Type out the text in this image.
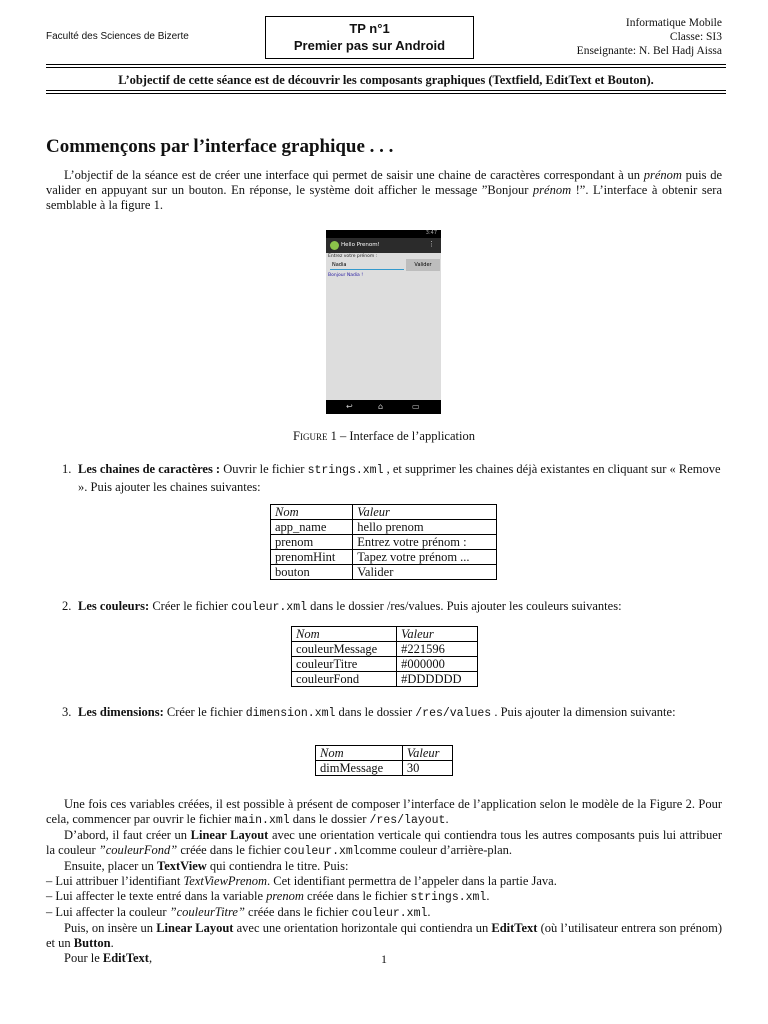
Faculté des Sciences de Bizerte
TP n°1
Premier pas sur Android
Informatique Mobile
Classe: SI3
Enseignante: N. Bel Hadj Aissa
L’objectif de cette séance est de découvrir les composants graphiques (Textfield, EditText et Bouton).
Commençons par l’interface graphique . . .
L’objectif de la séance est de créer une interface qui permet de saisir une chaine de caractères correspondant à un prénom puis de valider en appuyant sur un bouton. En réponse, le système doit afficher le message ”Bonjour prénom !”. L’interface à obtenir sera semblable à la figure 1.
3:47
Hello Prenom!	⋮
Entrez votre prénom :
Nadia	Valider
Bonjour Nadia !
↩	⌂	▭
Figure 1 – Interface de l’application
1. Les chaines de caractères : Ouvrir le fichier strings.xml , et supprimer les chaines déjà existantes en cliquant sur « Remove ». Puis ajouter les chaines suivantes:
Nom	Valeur
app_name	hello prenom
prenom	Entrez votre prénom :
prenomHint	Tapez votre prénom ...
bouton	Valider
2. Les couleurs: Créer le fichier couleur.xml dans le dossier /res/values. Puis ajouter les couleurs suivantes:
Nom	Valeur
couleurMessage	#221596
couleurTitre	#000000
couleurFond	#DDDDDD
3. Les dimensions: Créer le fichier dimension.xml dans le dossier /res/values . Puis ajouter la dimension suivante:
Nom	Valeur
dimMessage	30
Une fois ces variables créées, il est possible à présent de composer l’interface de l’application selon le modèle de la Figure 2. Pour cela, commencer par ouvrir le fichier main.xml dans le dossier /res/layout.
D’abord, il faut créer un Linear Layout avec une orientation verticale qui contiendra tous les autres composants puis lui attribuer la couleur ”couleurFond” créée dans le fichier couleur.xmlcomme couleur d’arrière-plan.
Ensuite, placer un TextView qui contiendra le titre. Puis:
– Lui attribuer l’identifiant TextViewPrenom. Cet identifiant permettra de l’appeler dans la partie Java.
– Lui affecter le texte entré dans la variable prenom créée dans le fichier strings.xml.
– Lui affecter la couleur ”couleurTitre” créée dans le fichier couleur.xml.
Puis, on insère un Linear Layout avec une orientation horizontale qui contiendra un EditText (où l’utilisateur entrera son prénom) et un Button.
Pour le EditText,	1
